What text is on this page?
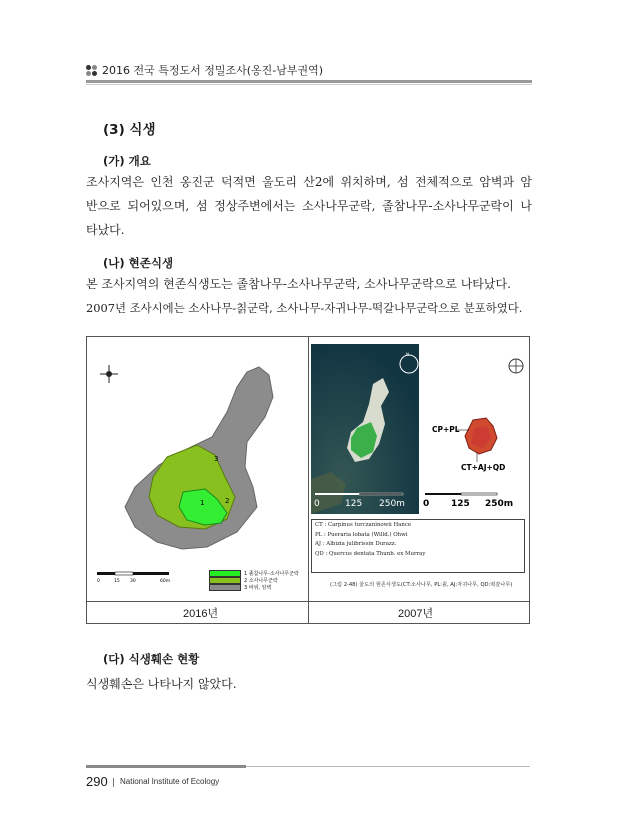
2016 전국 특정도서 정밀조사(옹진-남부권역)
(3) 식생
(가) 개요

조사지역은 인천 옹진군 덕적면 울도리 산2에 위치하며, 섬 전체적으로 암벽과 암

반으로 되어있으며, 섬 정상주변에서는 소사나무군락, 졸참나무-소사나무군락이 나

타났다.

(나) 현존식생

본 조사지역의 현존식생도는 졸참나무-소사나무군락, 소사나무군락으로 나타났다.

2007년 조사시에는 소사나무-칡군락, 소사나무-자귀나무-떡갈나무군락으로 분포하였다.

2016년	2007년
1	2
3
0	15 30	60m
1 졸참나무-소사나무군락
2 소사나무군락
3 바위, 암벽
N
CP+PL
CT+AJ+QD
0	125 250m 0 125 250m
CT : Carpinus turczaninowii Hance
PL : Pueraria lobata (Willd.) Ohwi
AJ : Albizia julibrissin Durazz.
QD : Quercus dentata Thunb. ex Murray
(그림 2-48) 울도의 현존식생도(CT:소사나무, PL:칡, AJ:자귀나무, QD:떡갈나무)
(다) 식생훼손 현황

식생훼손은 나타나지 않았다.

290 National Institute of Ecology
